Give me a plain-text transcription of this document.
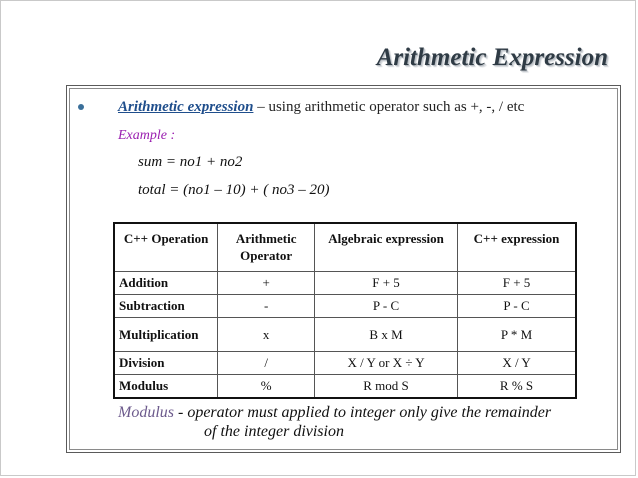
Arithmetic Expression
Arithmetic expression – using arithmetic operator such as +, -, / etc
Example :
sum = no1 + no2
total = (no1 – 10) + ( no3 – 20)
C++ Operation	Arithmetic Operator	Algebraic expression	C++ expression
Addition	+	F + 5	F + 5
Subtraction	-	P - C	P - C
Multiplication	x	B x M	P * M
Division	/	X / Y or X ÷ Y	X / Y
Modulus	%	R mod S	R % S
Modulus - operator must applied to integer only give the remainder
of the integer division
